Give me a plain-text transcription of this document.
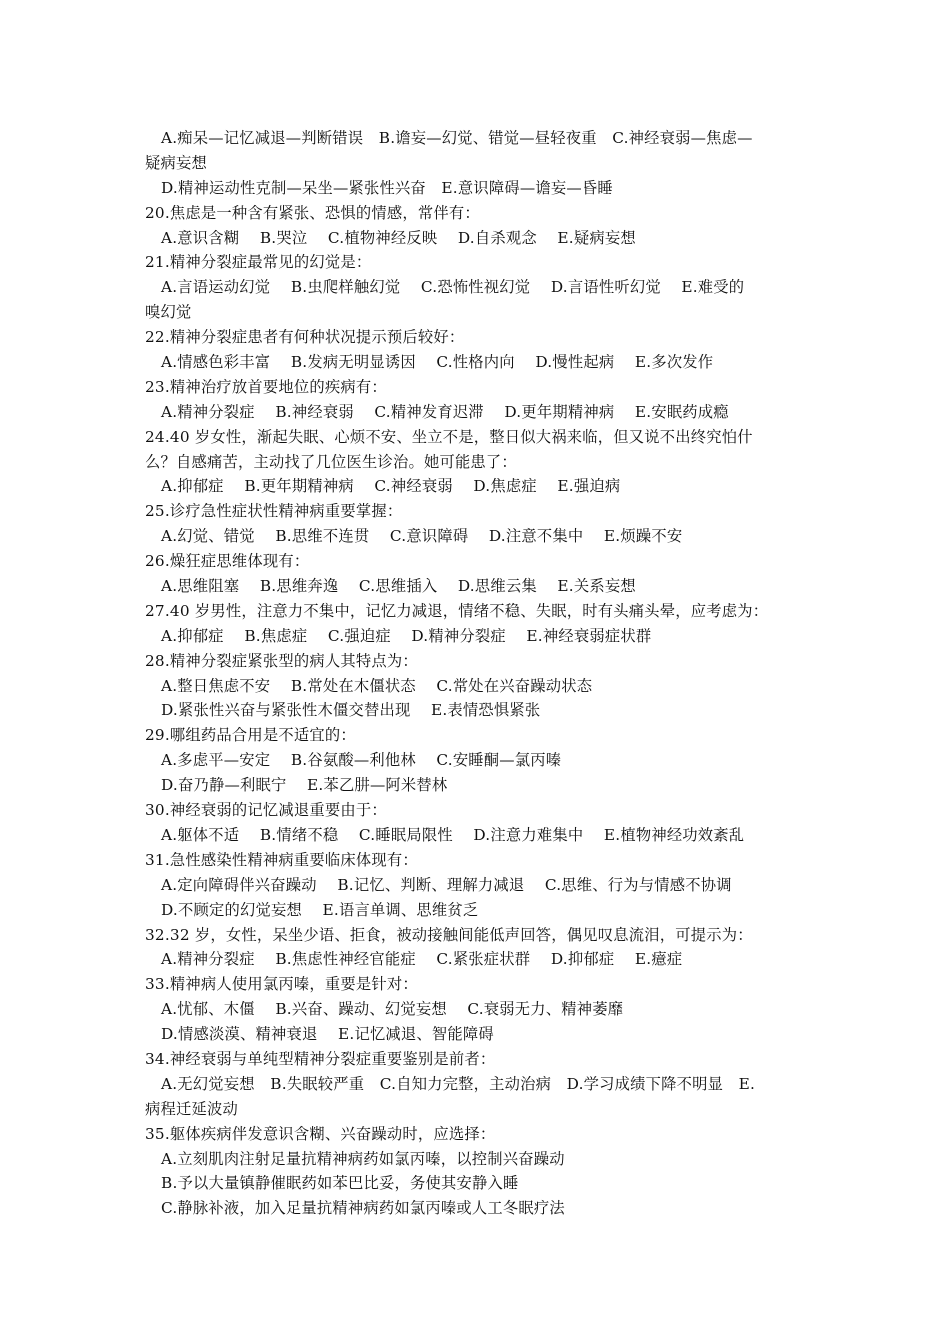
A.痴呆—记忆减退—判断错误　B.谵妄—幻觉、错觉—昼轻夜重　C.神经衰弱—焦虑—
疑病妄想
D.精神运动性克制—呆坐—紧张性兴奋　E.意识障碍—谵妄—昏睡
20.焦虑是一种含有紧张、恐惧的情感，常伴有：
A.意识含糊　 B.哭泣　 C.植物神经反映　 D.自杀观念　 E.疑病妄想
21.精神分裂症最常见的幻觉是：
A.言语运动幻觉　 B.虫爬样触幻觉　 C.恐怖性视幻觉　 D.言语性听幻觉　 E.难受的
嗅幻觉
22.精神分裂症患者有何种状况提示预后较好：
A.情感色彩丰富　 B.发病无明显诱因　 C.性格内向　 D.慢性起病　 E.多次发作
23.精神治疗放首要地位的疾病有：
A.精神分裂症　 B.神经衰弱　 C.精神发育迟滞　 D.更年期精神病　 E.安眠药成瘾
24.40 岁女性，渐起失眠、心烦不安、坐立不是，整日似大祸来临，但又说不出终究怕什
么？自感痛苦，主动找了几位医生诊治。她可能患了：
A.抑郁症　 B.更年期精神病　 C.神经衰弱　 D.焦虑症　 E.强迫病
25.诊疗急性症状性精神病重要掌握：
A.幻觉、错觉　 B.思维不连贯　 C.意识障碍　 D.注意不集中　 E.烦躁不安
26.燥狂症思维体现有：
A.思维阻塞　 B.思维奔逸　 C.思维插入　 D.思维云集　 E.关系妄想
27.40 岁男性，注意力不集中，记忆力减退，情绪不稳、失眠，时有头痛头晕，应考虑为：
A.抑郁症　 B.焦虑症　 C.强迫症　 D.精神分裂症　 E.神经衰弱症状群
28.精神分裂症紧张型的病人其特点为：
A.整日焦虑不安　 B.常处在木僵状态　 C.常处在兴奋躁动状态
D.紧张性兴奋与紧张性木僵交替出现　 E.表情恐惧紧张
29.哪组药品合用是不适宜的：
A.多虑平—安定　 B.谷氨酸—利他林　 C.安睡酮—氯丙嗪
D.奋乃静—利眠宁　 E.苯乙肼—阿米替林
30.神经衰弱的记忆减退重要由于：
A.躯体不适　 B.情绪不稳　 C.睡眠局限性　 D.注意力难集中　 E.植物神经功效紊乱
31.急性感染性精神病重要临床体现有：
A.定向障碍伴兴奋躁动　 B.记忆、判断、理解力减退　 C.思维、行为与情感不协调
D.不顾定的幻觉妄想　 E.语言单调、思维贫乏
32.32 岁，女性，呆坐少语、拒食，被动接触间能低声回答，偶见叹息流泪，可提示为：
A.精神分裂症　 B.焦虑性神经官能症　 C.紧张症状群　 D.抑郁症　 E.癔症
33.精神病人使用氯丙嗪，重要是针对：
A.忧郁、木僵　 B.兴奋、躁动、幻觉妄想　 C.衰弱无力、精神萎靡
D.情感淡漠、精神衰退　 E.记忆减退、智能障碍
34.神经衰弱与单纯型精神分裂症重要鉴别是前者：
A.无幻觉妄想　B.失眠较严重　C.自知力完整，主动治病　D.学习成绩下降不明显　E.
病程迁延波动
35.躯体疾病伴发意识含糊、兴奋躁动时，应选择：
A.立刻肌肉注射足量抗精神病药如氯丙嗪，以控制兴奋躁动
B.予以大量镇静催眠药如苯巴比妥，务使其安静入睡
C.静脉补液，加入足量抗精神病药如氯丙嗪或人工冬眠疗法
